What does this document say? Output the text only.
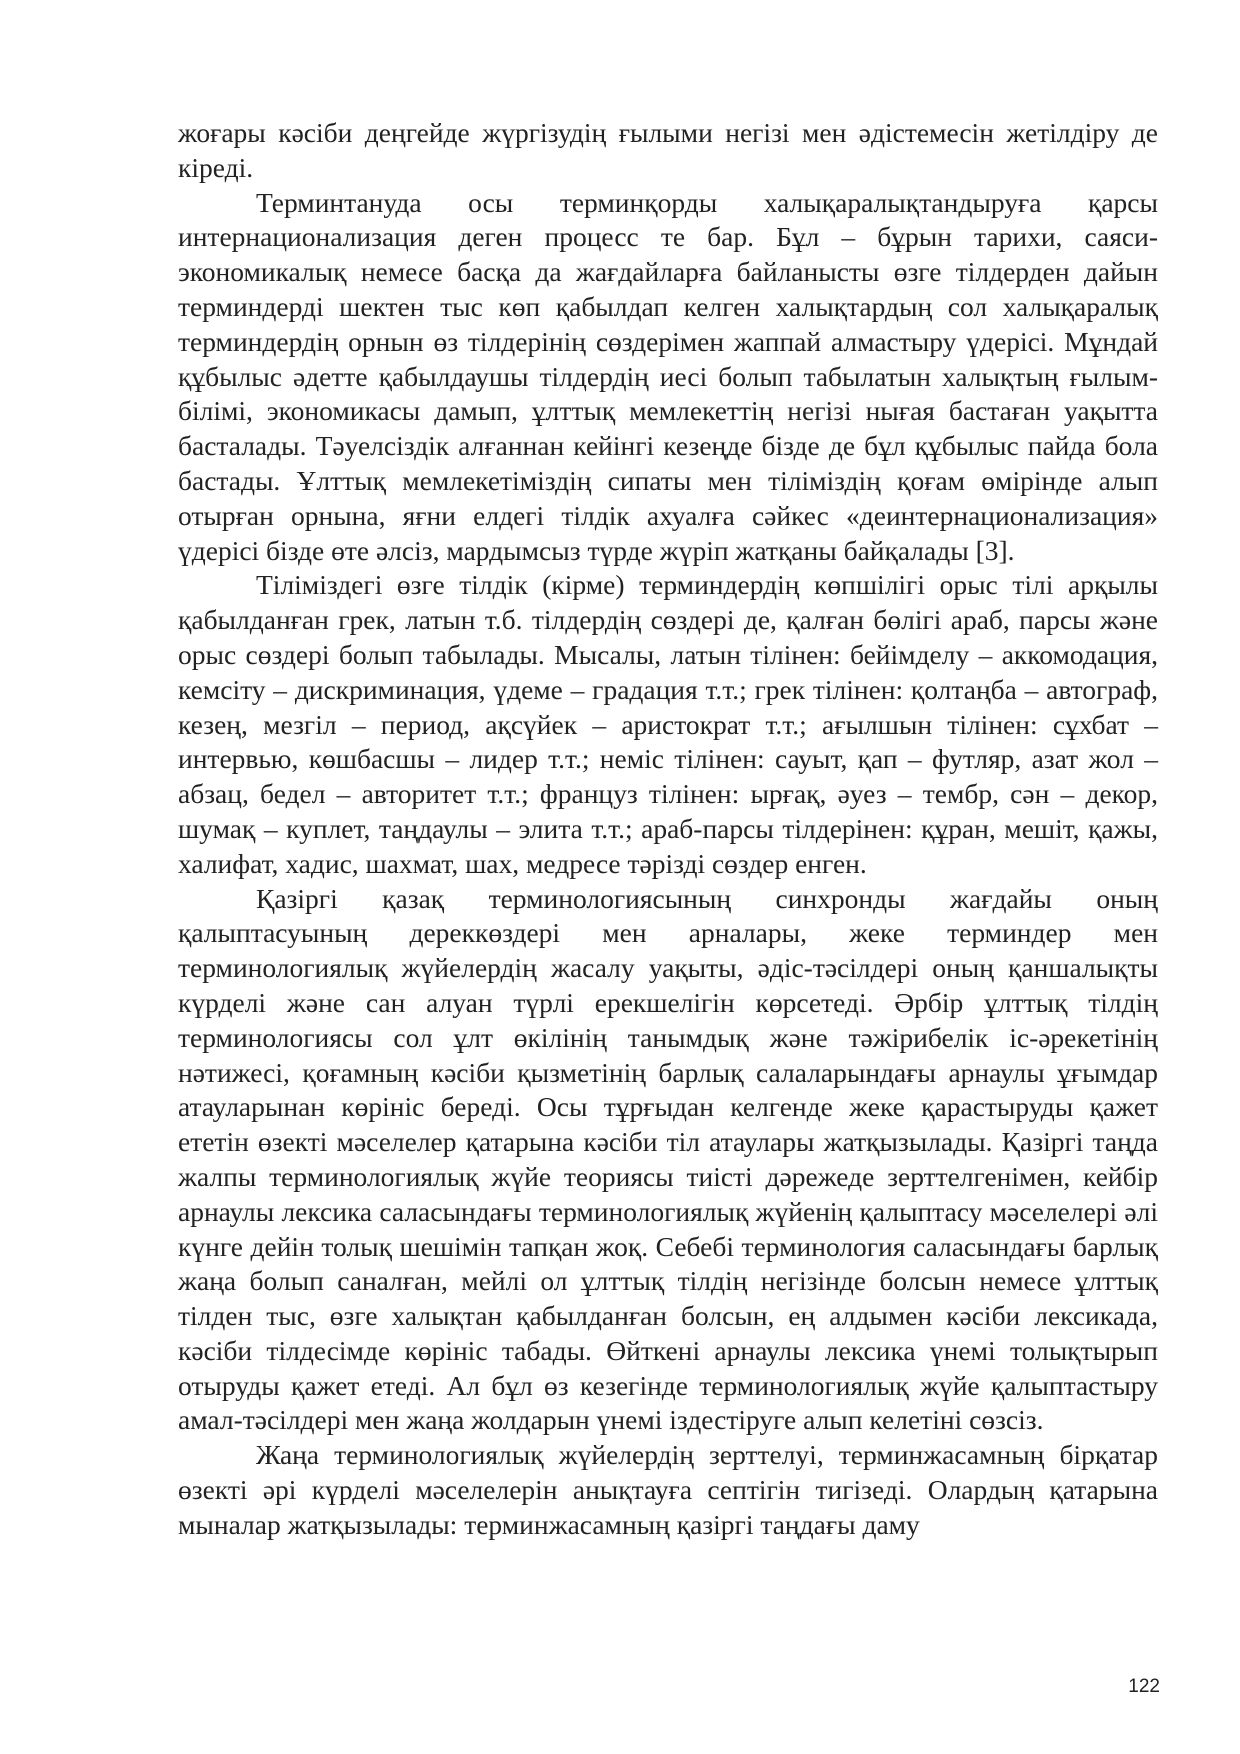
жоғары кәсіби деңгейде жүргізудің ғылыми негізі мен әдістемесін жетілдіру де кіреді.

Терминтануда осы терминқорды халықаралықтандыруға қарсы интернационализация деген процесс те бар. Бұл – бұрын тарихи, саяси-экономикалық немесе басқа да жағдайларға байланысты өзге тілдерден дайын терминдерді шектен тыс көп қабылдап келген халықтардың сол халықаралық терминдердің орнын өз тілдерінің сөздерімен жаппай алмастыру үдерісі. Мұндай құбылыс әдетте қабылдаушы тілдердің иесі болып табылатын халықтың ғылым-білімі, экономикасы дамып, ұлттық мемлекеттің негізі нығая бастаған уақытта басталады. Тәуелсіздік алғаннан кейінгі кезеңде бізде де бұл құбылыс пайда бола бастады. Ұлттық мемлекетіміздің сипаты мен тіліміздің қоғам өмірінде алып отырған орнына, яғни елдегі тілдік ахуалға сәйкес «деинтернационализация» үдерісі бізде өте әлсіз, мардымсыз түрде жүріп жатқаны байқалады [3].

Тіліміздегі өзге тілдік (кірме) терминдердің көпшілігі орыс тілі арқылы қабылданған грек, латын т.б. тілдердің сөздері де, қалған бөлігі араб, парсы және орыс сөздері болып табылады. Мысалы, латын тілінен: бейімделу – аккомодация, кемсіту – дискриминация, үдеме – градация т.т.; грек тілінен: қолтаңба – автограф, кезең, мезгіл – период, ақсүйек – аристократ т.т.; ағылшын тілінен: сұхбат – интервью, көшбасшы – лидер т.т.; неміс тілінен: сауыт, қап – футляр, азат жол – абзац, бедел – авторитет т.т.; француз тілінен: ырғақ, әуез – тембр, сән – декор, шумақ – куплет, таңдаулы – элита т.т.; араб-парсы тілдерінен: құран, мешіт, қажы, халифат, хадис, шахмат, шах, медресе тәрізді сөздер енген.

Қазіргі қазақ терминологиясының синхронды жағдайы оның қалыптасуының дереккөздері мен арналары, жеке терминдер мен терминологиялық жүйелердің жасалу уақыты, әдіс-тәсілдері оның қаншалықты күрделі және сан алуан түрлі ерекшелігін көрсетеді. Әрбір ұлттық тілдің терминологиясы сол ұлт өкілінің танымдық және тәжірибелік іс-әрекетінің нәтижесі, қоғамның кәсіби қызметінің барлық салаларындағы арнаулы ұғымдар атауларынан көрініс береді. Осы тұрғыдан келгенде жеке қарастыруды қажет ететін өзекті мәселелер қатарына кәсіби тіл атаулары жатқызылады. Қазіргі таңда жалпы терминологиялық жүйе теориясы тиісті дәрежеде зерттелгенімен, кейбір арнаулы лексика саласындағы терминологиялық жүйенің қалыптасу мәселелері әлі күнге дейін толық шешімін тапқан жоқ. Себебі терминология саласындағы барлық жаңа болып саналған, мейлі ол ұлттық тілдің негізінде болсын немесе ұлттық тілден тыс, өзге халықтан қабылданған болсын, ең алдымен кәсіби лексикада, кәсіби тілдесімде көрініс табады. Өйткені арнаулы лексика үнемі толықтырып отыруды қажет етеді. Ал бұл өз кезегінде терминологиялық жүйе қалыптастыру амал-тәсілдері мен жаңа жолдарын үнемі іздестіруге алып келетіні сөзсіз.

Жаңа терминологиялық жүйелердің зерттелуі, терминжасамның бірқатар өзекті әрі күрделі мәселелерін анықтауға септігін тигізеді. Олардың қатарына мыналар жатқызылады: терминжасамның қазіргі таңдағы даму

122
